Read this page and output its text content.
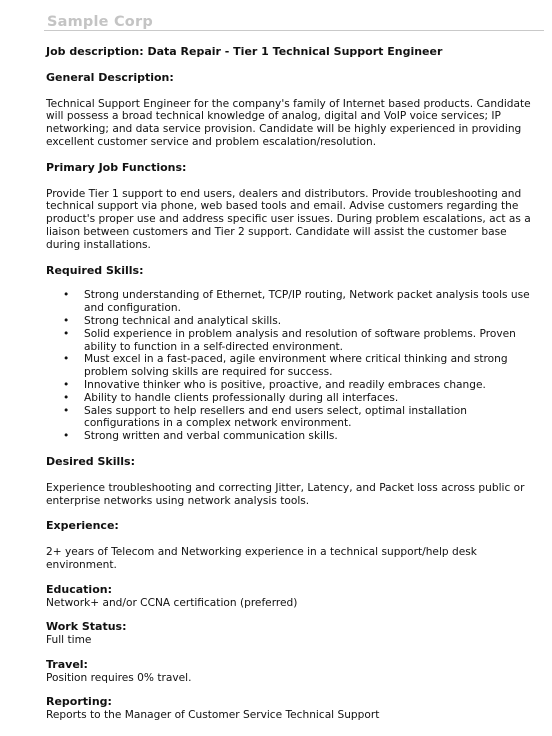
Sample Corp
Job description: Data Repair - Tier 1 Technical Support Engineer
General Description:

Technical Support Engineer for the company's family of Internet based products. Candidate will possess a broad technical knowledge of analog, digital and VoIP voice services; IP networking; and data service provision. Candidate will be highly experienced in providing excellent customer service and problem escalation/resolution.

Primary Job Functions:

Provide Tier 1 support to end users, dealers and distributors. Provide troubleshooting and technical support via phone, web based tools and email. Advise customers regarding the product's proper use and address specific user issues. During problem escalations, act as a liaison between customers and Tier 2 support. Candidate will assist the customer base during installations.

Required Skills:
• Strong understanding of Ethernet, TCP/IP routing, Network packet analysis tools use and configuration.
• Strong technical and analytical skills.
• Solid experience in problem analysis and resolution of software problems. Proven ability to function in a self-directed environment.
• Must excel in a fast-paced, agile environment where critical thinking and strong problem solving skills are required for success.
• Innovative thinker who is positive, proactive, and readily embraces change.
• Ability to handle clients professionally during all interfaces.
• Sales support to help resellers and end users select, optimal installation configurations in a complex network environment.
• Strong written and verbal communication skills.
Desired Skills:

Experience troubleshooting and correcting Jitter, Latency, and Packet loss across public or enterprise networks using network analysis tools.

Experience:

2+ years of Telecom and Networking experience in a technical support/help desk environment.

Education:

Network+ and/or CCNA certification (preferred)

Work Status:

Full time

Travel:

Position requires 0% travel.

Reporting:

Reports to the Manager of Customer Service Technical Support
